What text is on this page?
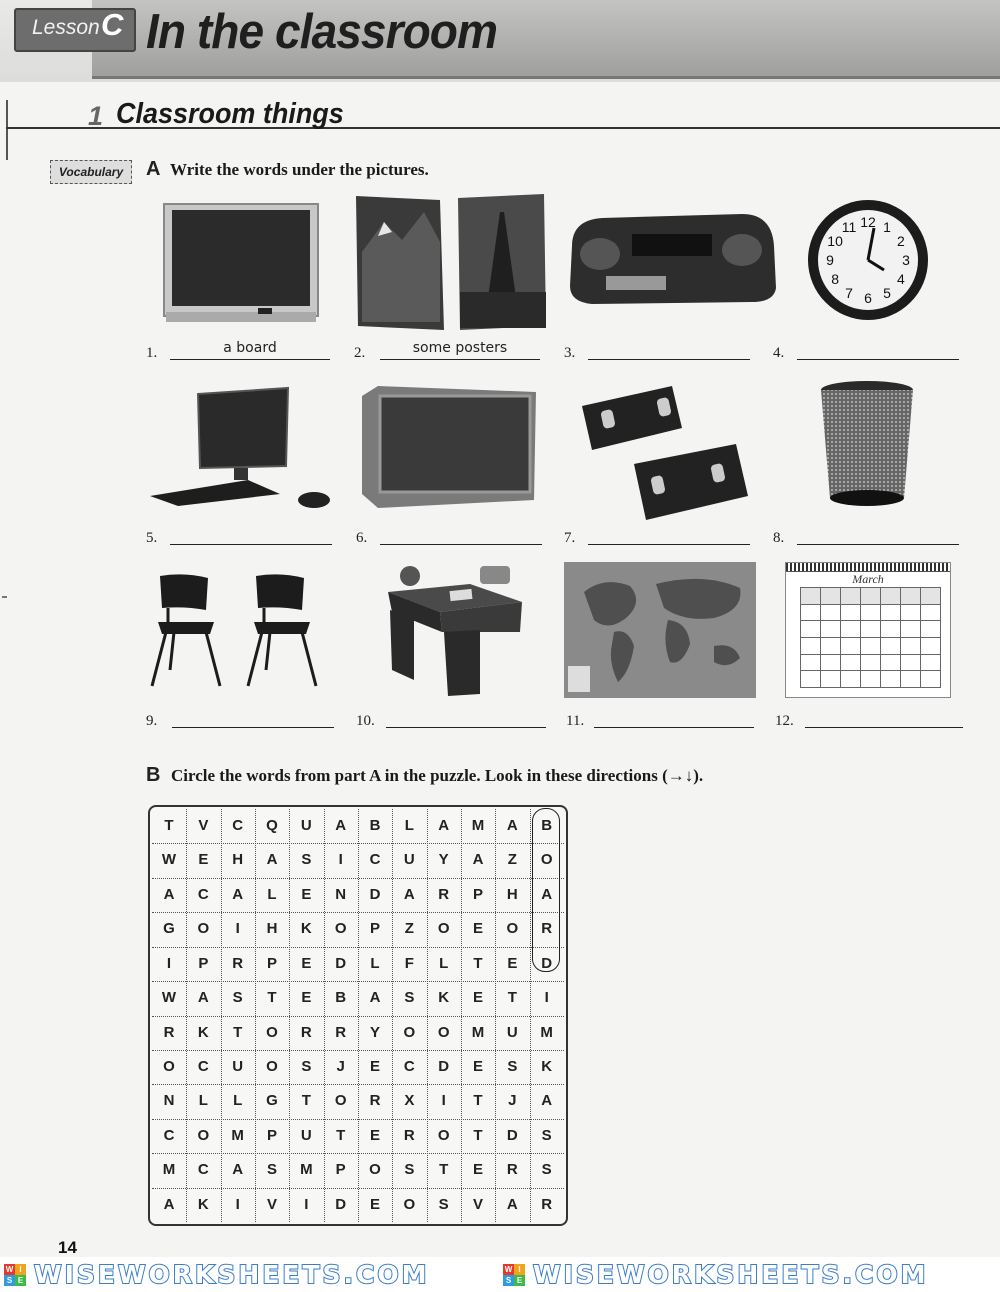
Lesson C In the classroom
1 Classroom things
Vocabulary	A Write the words under the pictures.
12 1
2
3
4
5
6
7
8
9
10
11
1.	a board	2.	some posters	3.	4.
5.	6.	7.	8.
March
9.	10.	11.	12.
B Circle the words from part A in the puzzle. Look in these directions (→↓).
T	V	C	Q	U	A	B	L	A	M	A	B
W	E	H	A	S	I	C	U	Y	A	Z	O
A	C	A	L	E	N	D	A	R	P	H	A
G	O	I	H	K	O	P	Z	O	E	O	R
I	P	R	P	E	D	L	F	L	T	E	D
W	A	S	T	E	B	A	S	K	E	T	I
R	K	T	O	R	R	Y	O	O	M	U	M
O	C	U	O	S	J	E	C	D	E	S	K
N	L	L	G	T	O	R	X	I	T	J	A
C	O	M	P	U	T	E	R	O	T	D	S
M	C	A	S	M	P	O	S	T	E	R	S
A	K	I	V	I	D	E	O	S	V	A	R
14
W I
S E WISEWORKSHEETS.COM	W I
S E WISEWORKSHEETS.COM
